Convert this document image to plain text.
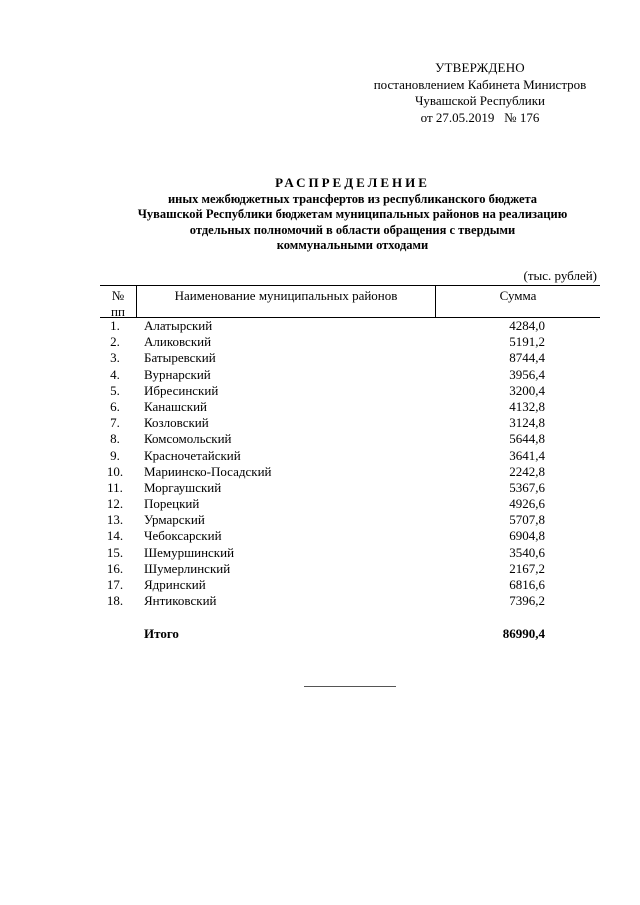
УТВЕРЖДЕНО
постановлением Кабинета Министров
Чувашской Республики
от 27.05.2019   № 176
РАСПРЕДЕЛЕНИЕ
иных межбюджетных трансфертов из республиканского бюджета
Чувашской Республики бюджетам муниципальных районов на реализацию
отдельных полномочий в области обращения с твердыми
коммунальными отходами
(тыс. рублей)
№
пп
Наименование муниципальных районов	Сумма
1.	Алатырский	4284,0
2.	Аликовский	5191,2
3.	Батыревский	8744,4
4.	Вурнарский	3956,4
5.	Ибресинский	3200,4
6.	Канашский	4132,8
7.	Козловский	3124,8
8.	Комсомольский	5644,8
9.	Красночетайский	3641,4
10.	Мариинско-Посадский	2242,8
11.	Моргаушский	5367,6
12.	Порецкий	4926,6
13.	Урмарский	5707,8
14.	Чебоксарский	6904,8
15.	Шемуршинский	3540,6
16.	Шумерлинский	2167,2
17.	Ядринский	6816,6
18.	Янтиковский	7396,2
Итого	86990,4
